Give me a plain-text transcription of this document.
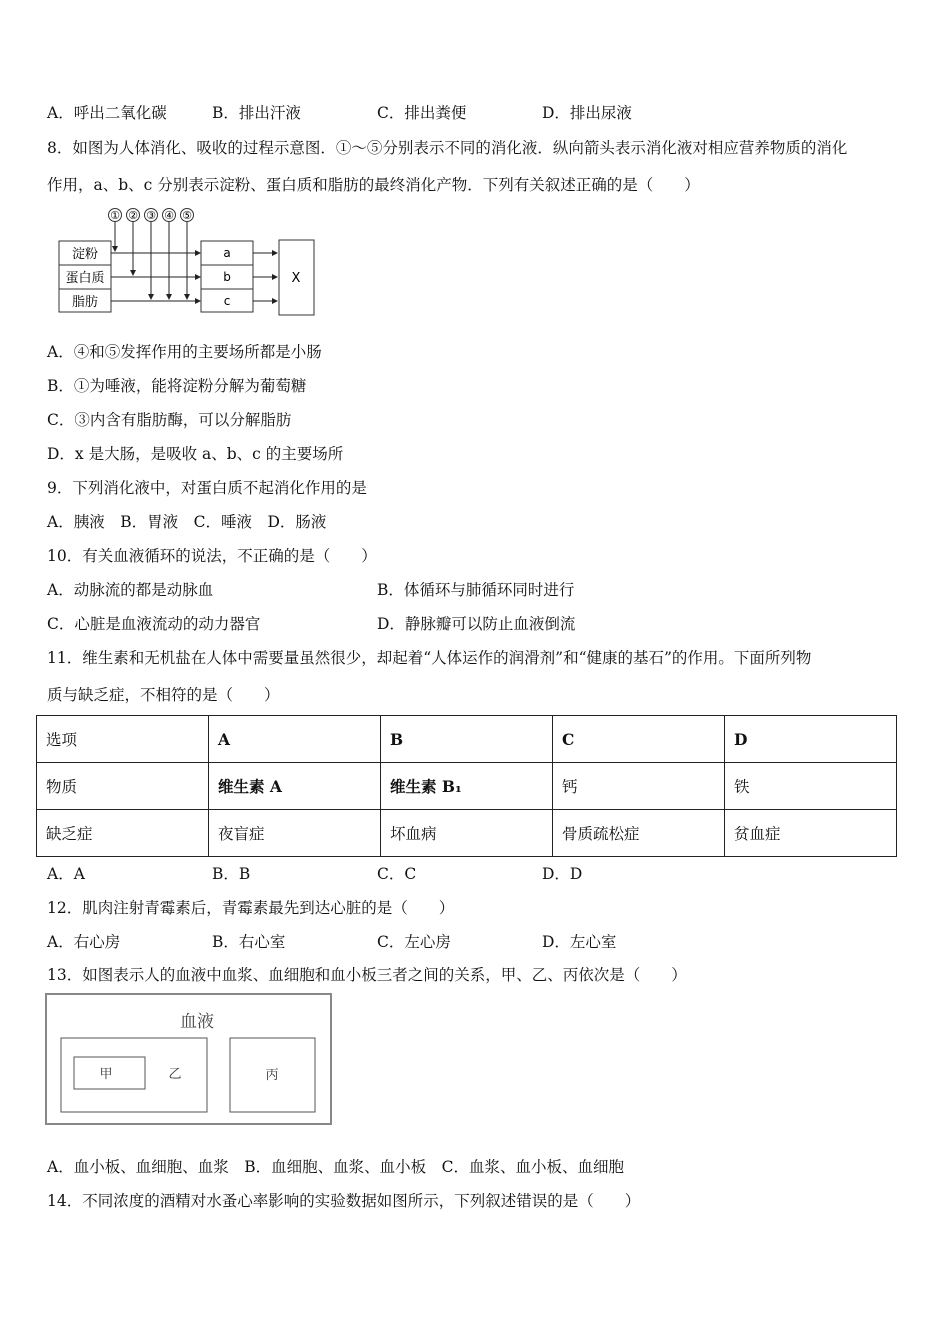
A．呼出二氧化碳	B．排出汗液	C．排出粪便	D．排出尿液
8．如图为人体消化、吸收的过程示意图．①～⑤分别表示不同的消化液．纵向箭头表示消化液对相应营养物质的消化
作用，a、b、c 分别表示淀粉、蛋白质和脂肪的最终消化产物．下列有关叙述正确的是（　　）
① ② ③ ④ ⑤
淀粉
蛋白质
脂肪
a
b
c
X
A．④和⑤发挥作用的主要场所都是小肠
B．①为唾液，能将淀粉分解为葡萄糖
C．③内含有脂肪酶，可以分解脂肪
D．x 是大肠，是吸收 a、b、c 的主要场所
9．下列消化液中，对蛋白质不起消化作用的是
A．胰液　B．胃液　C．唾液　D．肠液
10．有关血液循环的说法，不正确的是（　　）
A．动脉流的都是动脉血	B．体循环与肺循环同时进行
C．心脏是血液流动的动力器官	D．静脉瓣可以防止血液倒流
11．维生素和无机盐在人体中需要量虽然很少，却起着“人体运作的润滑剂”和“健康的基石”的作用。下面所列物
质与缺乏症，不相符的是（　　）
选项	A	B	C	D
物质	维生素 A	维生素 B₁	钙	铁
缺乏症	夜盲症	坏血病	骨质疏松症	贫血症
A．A	B．B	C．C	D．D
12．肌肉注射青霉素后，青霉素最先到达心脏的是（　　）
A．右心房	B．右心室	C．左心房	D．左心室
13．如图表示人的血液中血浆、血细胞和血小板三者之间的关系，甲、乙、丙依次是（　　）
血液
甲	乙	丙
A．血小板、血细胞、血浆　B．血细胞、血浆、血小板　C．血浆、血小板、血细胞
14．不同浓度的酒精对水蚤心率影响的实验数据如图所示，下列叙述错误的是（　　）
